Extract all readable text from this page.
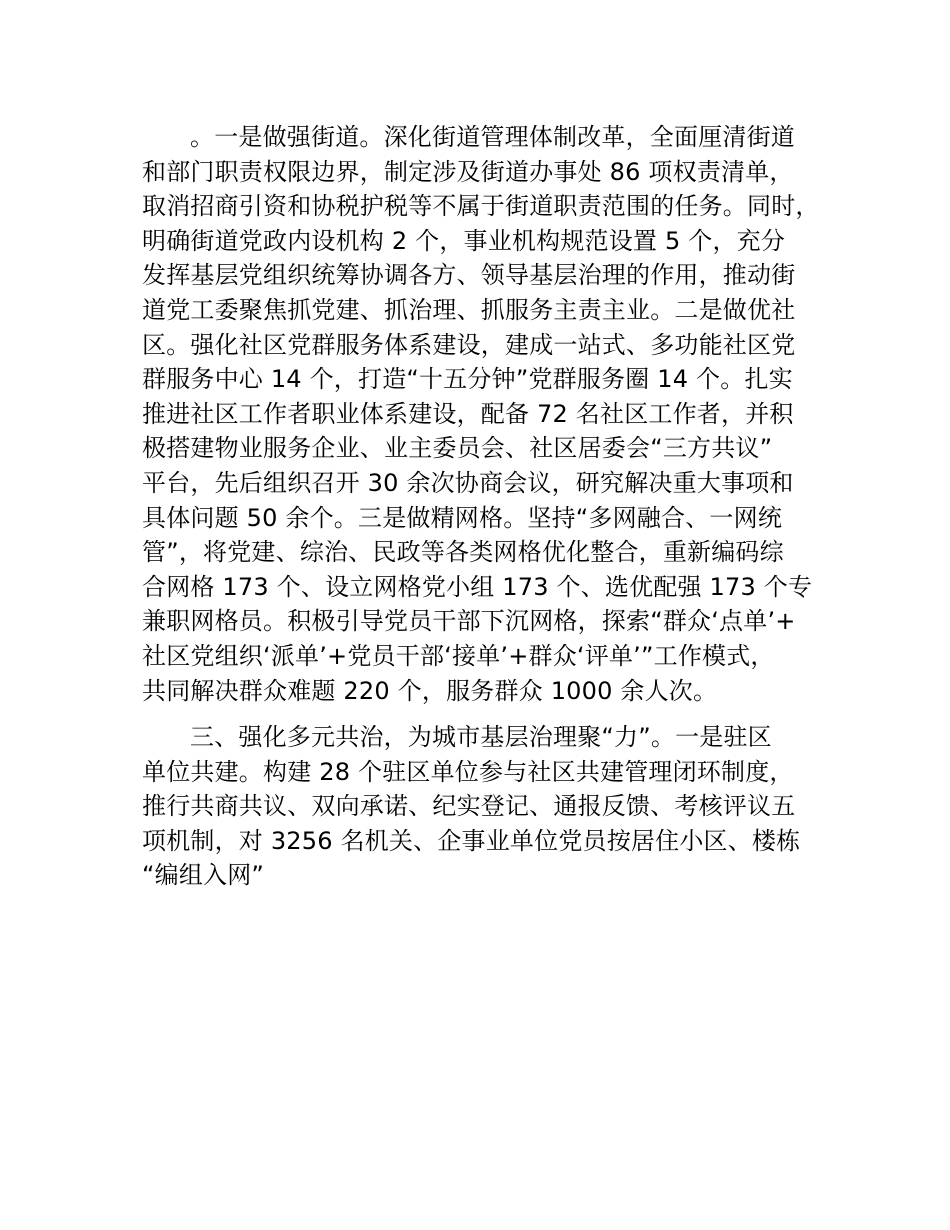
。一是做强街道。深化街道管理体制改革，全面厘清街道
和部门职责权限边界，制定涉及街道办事处 86 项权责清单，
取消招商引资和协税护税等不属于街道职责范围的任务。同时，
明确街道党政内设机构 2 个，事业机构规范设置 5 个，充分
发挥基层党组织统筹协调各方、领导基层治理的作用，推动街
道党工委聚焦抓党建、抓治理、抓服务主责主业。二是做优社
区。强化社区党群服务体系建设，建成一站式、多功能社区党
群服务中心 14 个，打造“十五分钟”党群服务圈 14 个。扎实
推进社区工作者职业体系建设，配备 72 名社区工作者，并积
极搭建物业服务企业、业主委员会、社区居委会“三方共议”
平台，先后组织召开 30 余次协商会议，研究解决重大事项和
具体问题 50 余个。三是做精网格。坚持“多网融合、一网统
管”，将党建、综治、民政等各类网格优化整合，重新编码综
合网格 173 个、设立网格党小组 173 个、选优配强 173 个专
兼职网格员。积极引导党员干部下沉网格，探索“群众‘点单’+
社区党组织‘派单’+党员干部‘接单’+群众‘评单’”工作模式，
共同解决群众难题 220 个，服务群众 1000 余人次。
三、强化多元共治，为城市基层治理聚“力”。一是驻区
单位共建。构建 28 个驻区单位参与社区共建管理闭环制度，
推行共商共议、双向承诺、纪实登记、通报反馈、考核评议五
项机制，对 3256 名机关、企事业单位党员按居住小区、楼栋
“编组入网”
